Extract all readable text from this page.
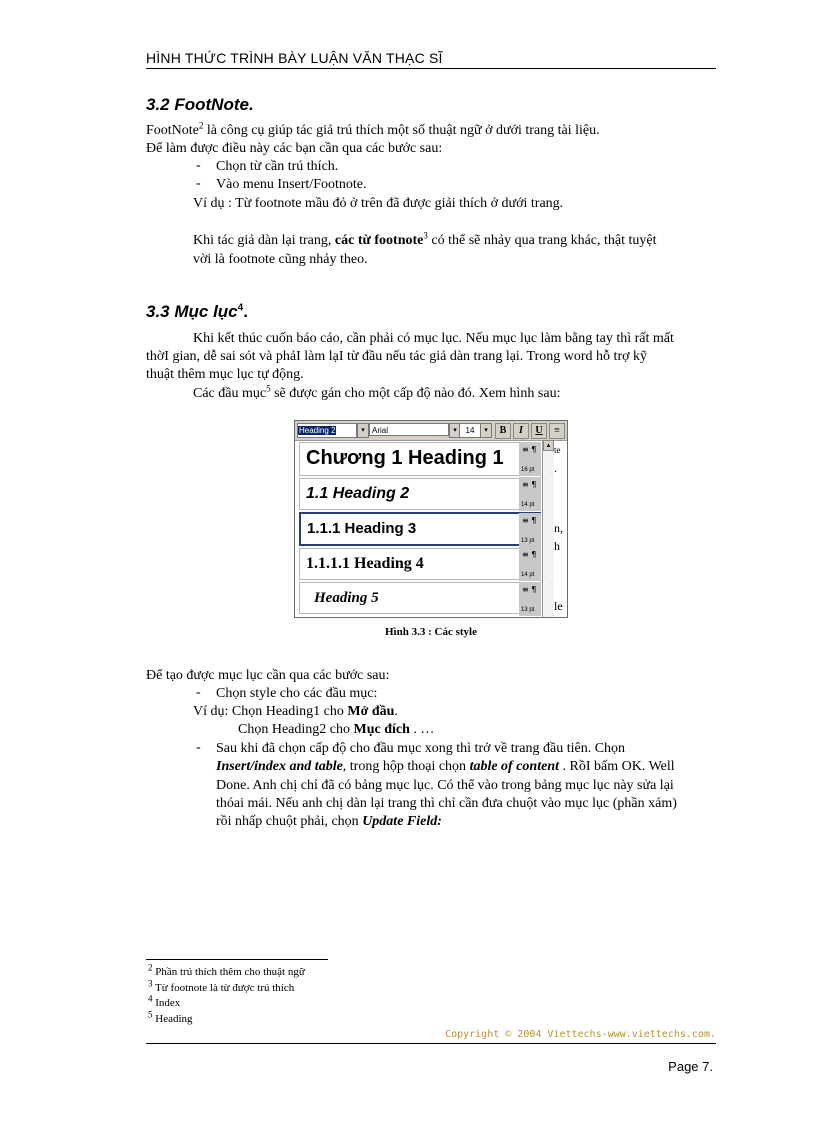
HÌNH THỨC TRÌNH BÀY LUẬN VĂN THẠC SĨ
3.2 FootNote.
FootNote$^2$ là công cụ giúp tác giả trú thích một số thuật ngữ ở dưới trang tài liệu.
Để làm được điều này các bạn cần qua các bước sau:
- Chọn từ cần trú thích.
- Vào menu Insert/Footnote.
Ví dụ : Từ footnote mầu đỏ ở trên đã được giải thích ở dưới trang.
Khi tác giả dàn lại trang, các từ footnote$^3$ có thể sẽ nhảy qua trang khác, thật tuyệt
vời là footnote cũng nhảy theo.
3.3 Mục lục$^4$.
Khi kết thúc cuốn báo cáo, cần phải có mục lục. Nếu mục lục làm bằng tay thì rất mất
thờI gian, dễ sai sót và phảI làm lạI từ đầu nếu tác giả dàn trang lại. Trong word hỗ trợ kỹ
thuật thêm mục lục tự động.
Các đầu mục$^5$ sẽ được gán cho một cấp độ nào đó. Xem hình sau:
Heading 2	▾ Arial	▾	14	▾	B	I	U	≡
Chương 1 Heading 1 ≡ ¶
16 pt
1.1 Heading 2
≡ ¶
14 pt
1.1.1 Heading 3	≡ ¶
13 pt
1.1.1.1 Heading 4
≡ ¶
14 pt
Heading 5
≡ ¶
13 pt
▲ te
.
n,
h
le
Hình 3.3 : Các style
Để tạo được mục lục cần qua các bước sau:
- Chọn style cho các đầu mục:
Ví dụ: Chọn Heading1 cho Mở đầu.
Chọn Heading2 cho Mục đích . …
- Sau khi đã chọn cấp độ cho đầu mục xong thì trở về trang đầu tiên. Chọn
Insert/index and table, trong hộp thoại chọn table of content . RồI bấm OK. Well
Done. Anh chị chỉ đã có bảng mục lục. Có thể vào trong bảng mục lục này sửa lại
thóai mái. Nếu anh chị dàn lại trang thì chỉ cần đưa chuột vào mục lục (phần xám)
rồi nhấp chuột phải, chọn Update Field:
$^2$ Phần trú thích thêm cho thuật ngữ
$^3$ Từ footnote là từ được trú thích
$^4$ Index
$^5$ Heading
Copyright © 2004 Viettechs-www.viettechs.com.
Page 7.
